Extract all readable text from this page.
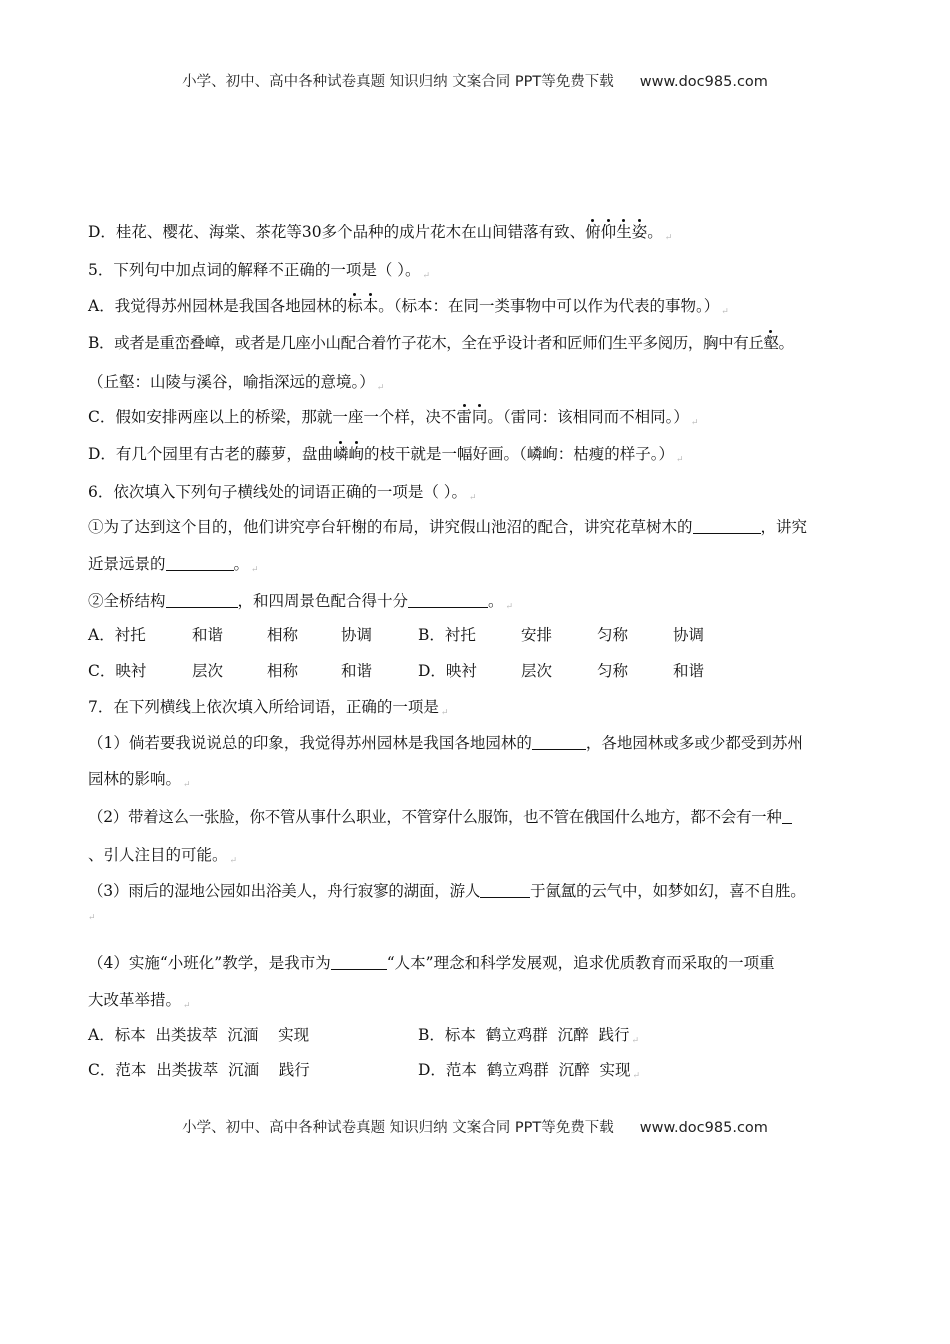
小学、初中、高中各种试卷真题 知识归纳 文案合同 PPT等免费下载 www.doc985.com
D．桂花、樱花、海棠、茶花等30多个品种的成片花木在山间错落有致、俯仰生姿。 ↵
5．下列句中加点词的解释不正确的一项是（ ）。 ↵
A．我觉得苏州园林是我国各地园林的标本。（标本：在同一类事物中可以作为代表的事物。） ↵
B．或者是重峦叠嶂，或者是几座小山配合着竹子花木，全在乎设计者和匠师们生平多阅历，胸中有丘壑。
（丘壑：山陵与溪谷，喻指深远的意境。） ↵
C．假如安排两座以上的桥梁，那就一座一个样，决不雷同。（雷同：该相同而不相同。） ↵
D．有几个园里有古老的藤萝，盘曲嶙峋的枝干就是一幅好画。（嶙峋：枯瘦的样子。） ↵
6．依次填入下列句子横线处的词语正确的一项是（ ）。 ↵
①为了达到这个目的，他们讲究亭台轩榭的布局，讲究假山池沼的配合，讲究花草树木的	，讲究
近景远景的	。 ↵
②全桥结构	，和四周景色配合得十分	。 ↵
A．衬托	和谐	相称	协调	B．衬托	安排	匀称	协调
C．映衬	层次	相称	和谐	D．映衬	层次	匀称	和谐
7．在下列横线上依次填入所给词语，正确的一项是 ↵
（1）倘若要我说说总的印象，我觉得苏州园林是我国各地园林的	，各地园林或多或少都受到苏州
园林的影响。 ↵
（2）带着这么一张脸，你不管从事什么职业，不管穿什么服饰，也不管在俄国什么地方，都不会有一种
、引人注目的可能。 ↵
（3）雨后的湿地公园如出浴美人，舟行寂寥的湖面，游人	于氤氲的云气中，如梦如幻，喜不自胜。
↵
（4）实施“小班化”教学，是我市为	“人本”理念和科学发展观，追求优质教育而采取的一项重
大改革举措。 ↵
A．标本  出类拔萃  沉湎    实现	B．标本  鹤立鸡群  沉醉  践行 ↵
C．范本  出类拔萃  沉湎    践行	D．范本  鹤立鸡群  沉醉  实现 ↵
小学、初中、高中各种试卷真题 知识归纳 文案合同 PPT等免费下载 www.doc985.com
